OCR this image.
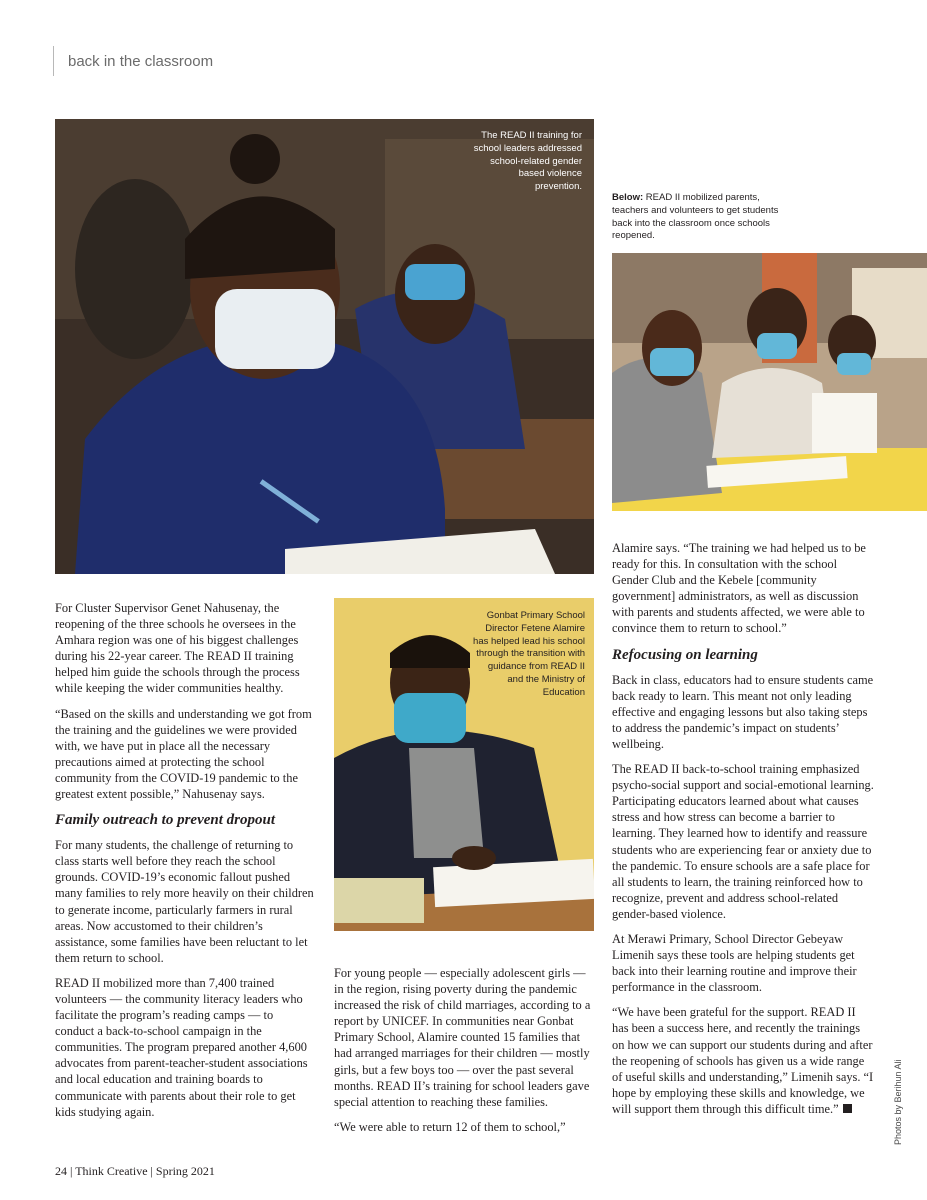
back in the classroom
The READ II training for school leaders addressed school-related gender based violence prevention.
Below: READ II mobilized parents, teachers and volunteers to get students back into the classroom once schools reopened.
Gonbat Primary School Director Fetene Alamire has helped lead his school through the transition with guidance from READ II and the Ministry of Education

For Cluster Supervisor Genet Nahusenay, the reopening of the three schools he oversees in the Amhara region was one of his biggest challenges during his 22-year career. The READ II training helped him guide the schools through the process while keeping the wider communities healthy.

“Based on the skills and understanding we got from the training and the guidelines we were provided with, we have put in place all the necessary precautions aimed at protecting the school community from the COVID-19 pandemic to the greatest extent possible,” Nahusenay says.

Family outreach to prevent dropout

For many students, the challenge of returning to class starts well before they reach the school grounds. COVID-19’s economic fallout pushed many families to rely more heavily on their children to generate income, particularly farmers in rural areas. Now accustomed to their children’s assistance, some families have been reluctant to let them return to school.

READ II mobilized more than 7,400 trained volunteers — the community literacy leaders who facilitate the program’s reading camps — to conduct a back-to-school campaign in the communities. The program prepared another 4,600 advocates from parent-teacher-student associations and local education and training boards to communicate with parents about their role to get kids studying again.

For young people — especially adolescent girls — in the region, rising poverty during the pandemic increased the risk of child marriages, according to a report by UNICEF. In communities near Gonbat Primary School, Alamire counted 15 families that had arranged marriages for their children — mostly girls, but a few boys too — over the past several months. READ II’s training for school leaders gave special attention to reaching these families.

“We were able to return 12 of them to school,”

Alamire says. “The training we had helped us to be ready for this. In consultation with the school Gender Club and the Kebele [community government] administrators, as well as discussion with parents and students affected, we were able to convince them to return to school.”

Refocusing on learning

Back in class, educators had to ensure students came back ready to learn. This meant not only leading effective and engaging lessons but also taking steps to address the pandemic’s impact on students’ wellbeing.

The READ II back-to-school training emphasized psycho-social support and social-emotional learning. Participating educators learned about what causes stress and how stress can become a barrier to learning. They learned how to identify and reassure students who are experiencing fear or anxiety due to the pandemic. To ensure schools are a safe place for all students to learn, the training reinforced how to recognize, prevent and address school-related gender-based violence.

At Merawi Primary, School Director Gebeyaw Limenih says these tools are helping students get back into their learning routine and improve their performance in the classroom.

“We have been grateful for the support. READ II has been a success here, and recently the trainings on how we can support our students during and after the reopening of schools has given us a wide range of useful skills and understanding,” Limenih says. “I hope by employing these skills and knowledge, we will support them through this difficult time.”	Photos by Berihun Ali
24 | Think Creative | Spring 2021
